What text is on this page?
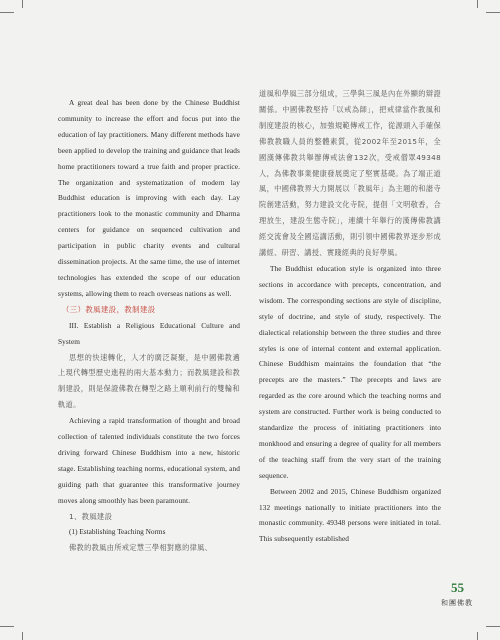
A great deal has been done by the Chinese Buddhist community to increase the effort and focus put into the education of lay practitioners. Many different methods have been applied to develop the training and guidance that leads home practitioners toward a true faith and proper practice. The organization and systematization of modern lay Buddhist education is improving with each day. Lay practitioners look to the monastic community and Dharma centers for guidance on sequenced cultivation and participation in public charity events and cultural dissemination projects. At the same time, the use of internet technologies has extended the scope of our education systems, allowing them to reach overseas nations as well.

（三）教風建設，教制建設

III. Establish a Religious Educational Culture and System

思想的快速轉化，人才的廣泛凝聚，是中國佛教邁上現代轉型歷史進程的兩大基本動力；而教風建設和教制建設，則是保證佛教在轉型之路上順利前行的雙輪和軌道。

Achieving a rapid transformation of thought and broad collection of talented individuals constitute the two forces driving forward Chinese Buddhism into a new, historic stage. Establishing teaching norms, educational system, and guiding path that guarantee this transformative journey moves along smoothly has been paramount.

1、教風建設

(1) Establishing Teaching Norms

佛教的教風由所戒定慧三學相對應的律風、

道風和學風三部分組成，三學與三風是內在外顯的辯證關係。中國佛教堅持「以戒為師」，把戒律當作教風和制度建設的核心，加強規範傳戒工作，從源頭入手確保佛教教職人員的整體素質，從2002年至2015年，全國漢傳佛教共舉辦傳戒法會132次，受戒僧眾49348人，為佛教事業健康發展奠定了堅實基礎。為了端正道風，中國佛教界大力開展以「教風年」為主題的和諧寺院創建活動，努力建設文化寺院，提倡「文明敬香，合理放生，建設生態寺院」，連續十年舉行的漢傳佛教講經交流會及全國巡講活動，則引領中國佛教界逐步形成講經、研習、講授、實踐經典的良好學風。

The Buddhist education style is organized into three sections in accordance with precepts, concentration, and wisdom. The corresponding sections are style of discipline, style of doctrine, and style of study, respectively. The dialectical relationship between the three studies and three styles is one of internal content and external application. Chinese Buddhism maintains the foundation that “the precepts are the masters.” The precepts and laws are regarded as the core around which the teaching norms and system are constructed. Further work is being conducted to standardize the process of initiating practitioners into monkhood and ensuring a degree of quality for all members of the teaching staff from the very start of the training sequence.

Between 2002 and 2015, Chinese Buddhism organized 132 meetings nationally to initiate practitioners into the monastic community. 49348 persons were initiated in total. This subsequently established

55
和團佛教
